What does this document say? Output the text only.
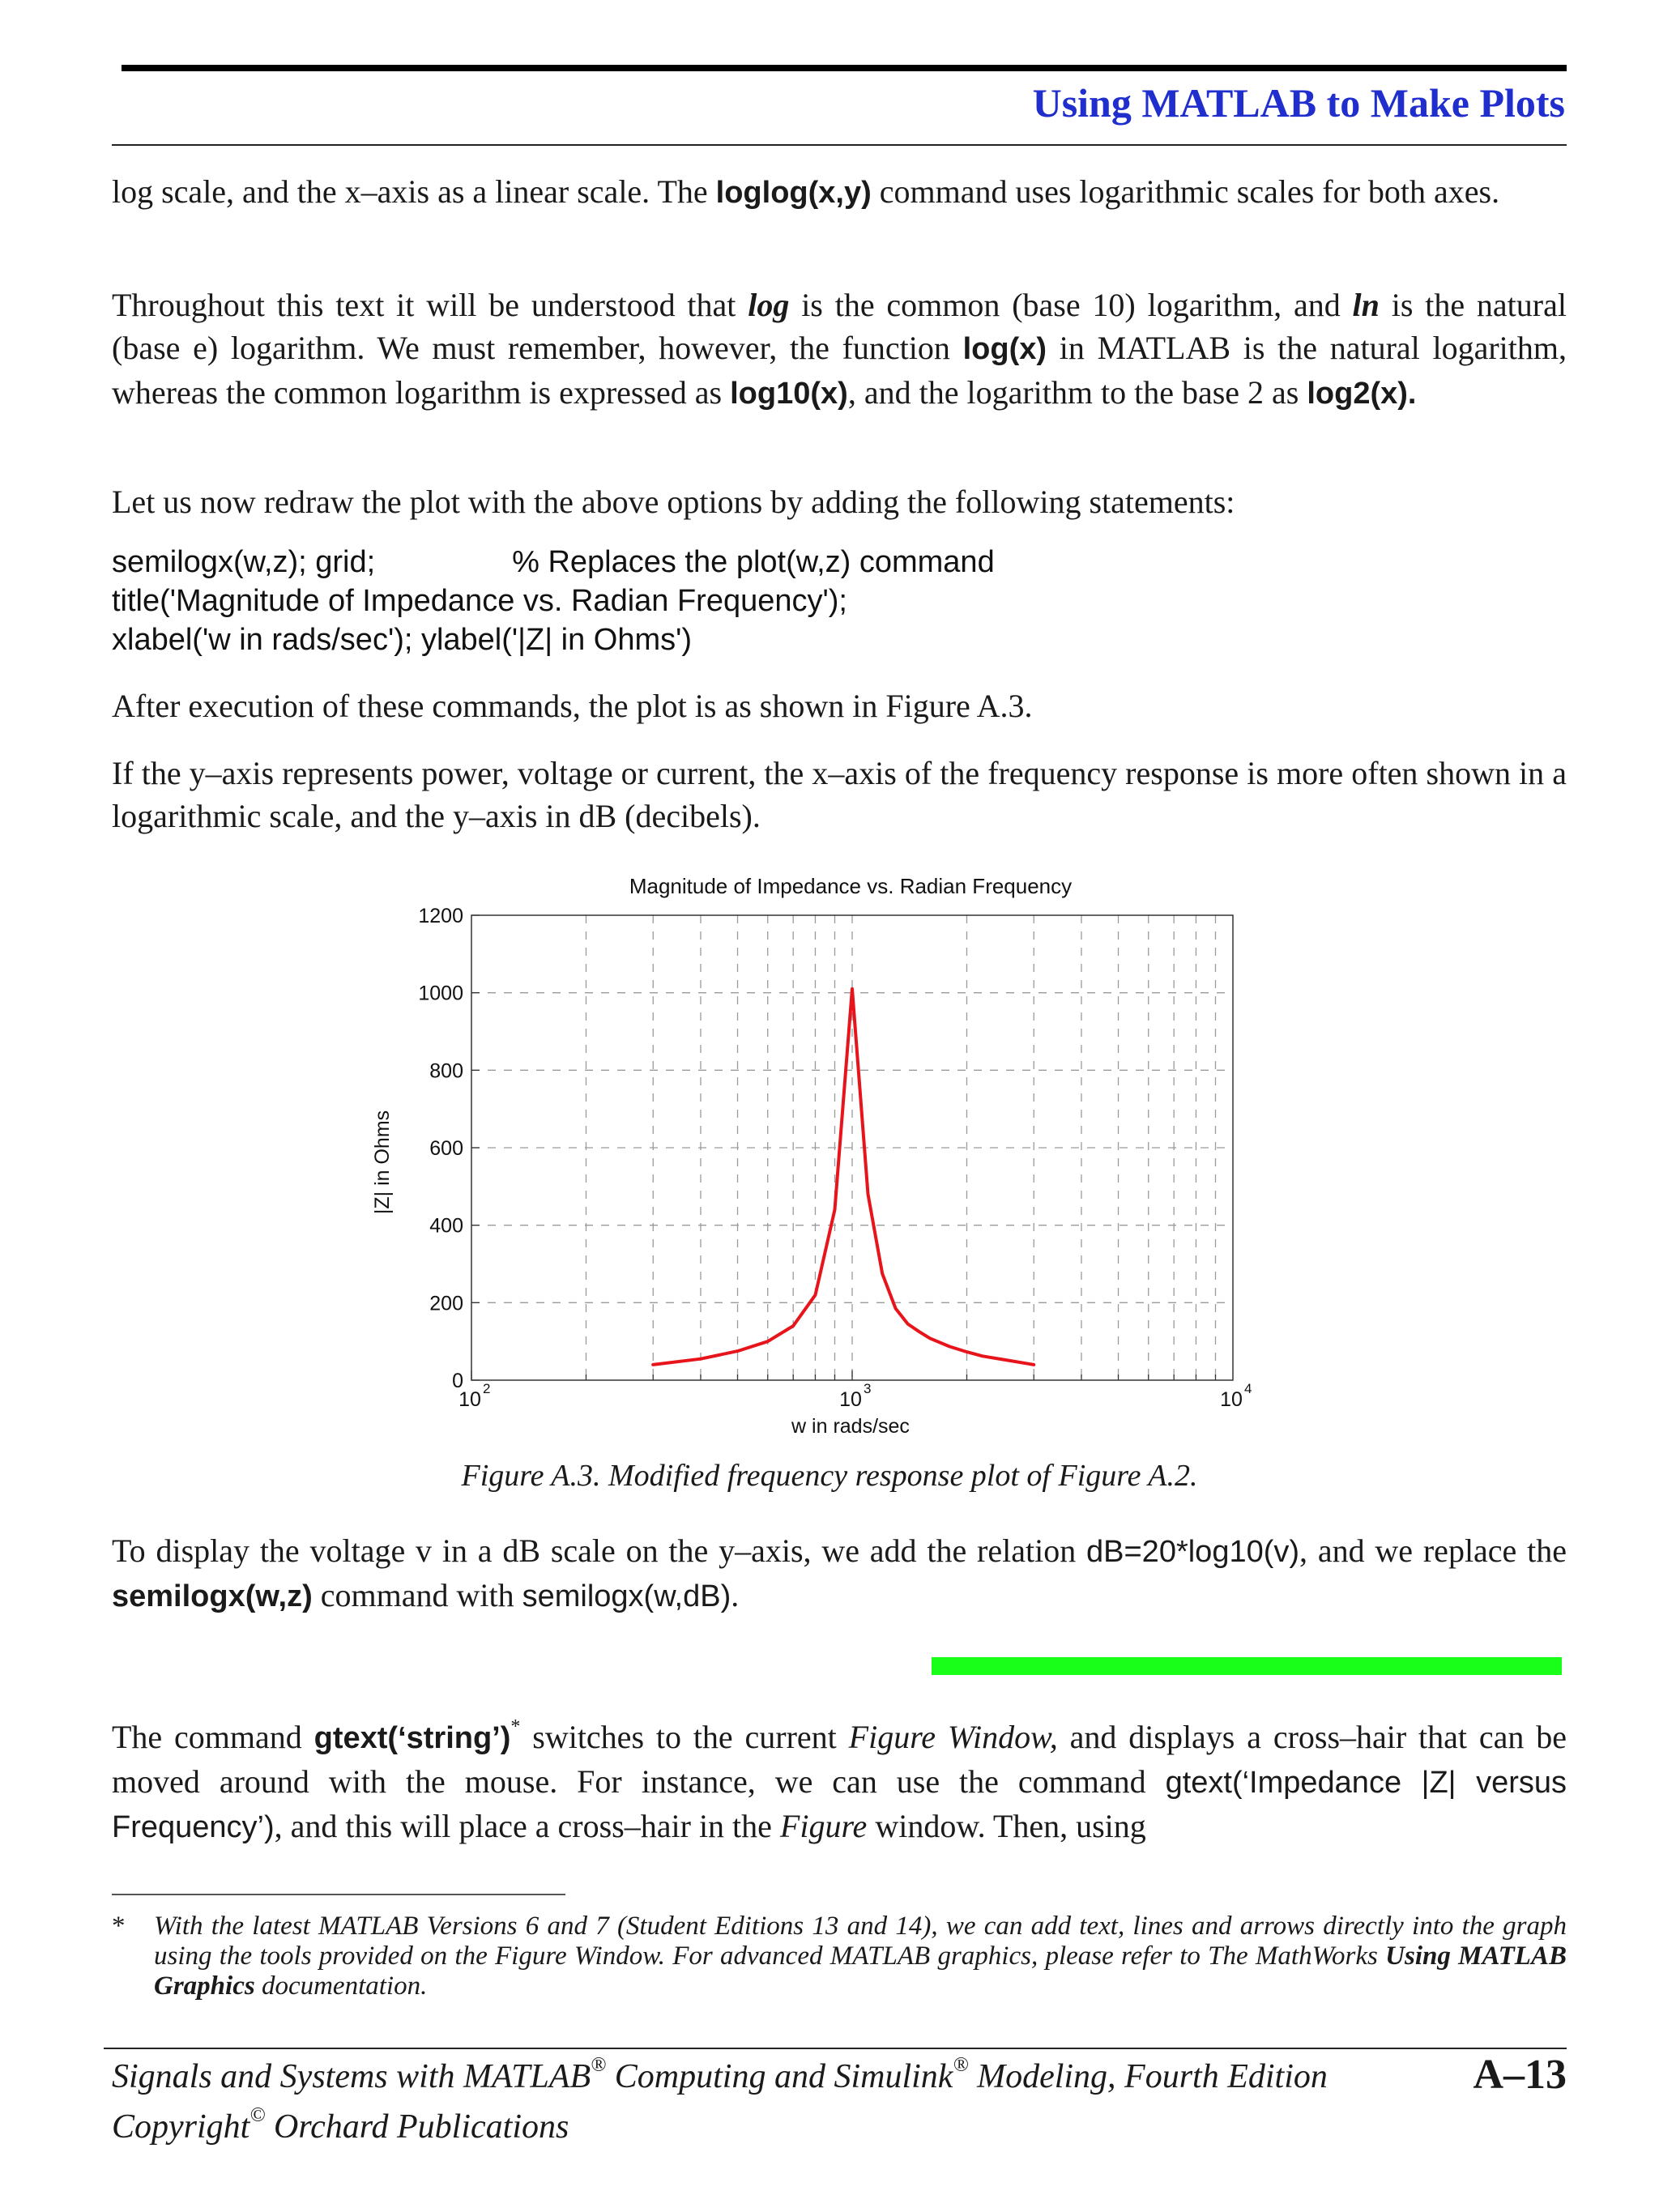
Using MATLAB to Make Plots

log scale, and the x–axis as a linear scale. The loglog(x,y) command uses logarithmic scales for both axes.

Throughout this text it will be understood that log is the common (base 10) logarithm, and ln is the natural (base e) logarithm. We must remember, however, the function log(x) in MATLAB is the natural logarithm, whereas the common logarithm is expressed as log10(x), and the logarithm to the base 2 as log2(x).

Let us now redraw the plot with the above options by adding the following statements:

semilogx(w,z); grid;                % Replaces the plot(w,z) command
title('Magnitude of Impedance vs. Radian Frequency');
xlabel('w in rads/sec'); ylabel('|Z| in Ohms')

After execution of these commands, the plot is as shown in Figure A.3.

If the y–axis represents power, voltage or current, the x–axis of the frequency response is more often shown in a logarithmic scale, and the y–axis in dB (decibels).

Magnitude of Impedance vs. Radian Frequency
|Z| in Ohms
w in rads/sec
0
200
400
600
800
1000
1200
10 2	10 3	10 4
Figure A.3. Modified frequency response plot of Figure A.2.

To display the voltage v in a dB scale on the y–axis, we add the relation dB=20*log10(v), and we replace the semilogx(w,z) command with semilogx(w,dB).

The command gtext(‘string’)* switches to the current Figure Window, and displays a cross–hair that can be moved around with the mouse. For instance, we can use the command gtext(‘Impedance |Z| versus Frequency’), and this will place a cross–hair in the Figure window. Then, using

* With the latest MATLAB Versions 6 and 7 (Student Editions 13 and 14), we can add text, lines and arrows directly into the graph using the tools provided on the Figure Window. For advanced MATLAB graphics, please refer to The MathWorks Using MATLAB Graphics documentation.
Signals and Systems with MATLAB® Computing and Simulink® Modeling, Fourth Edition
Copyright© Orchard Publications
A–13
